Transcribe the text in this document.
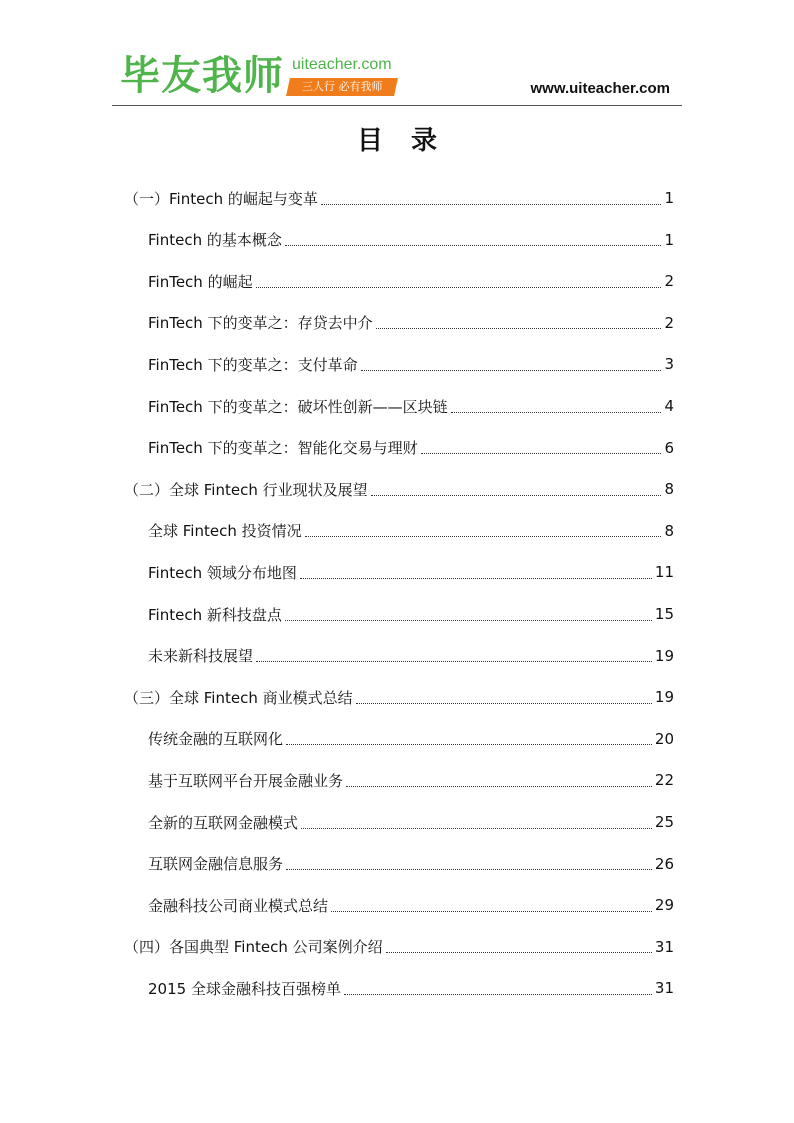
毕友我师 uiteacher.com
三人行 必有我师	www.uiteacher.com
目录
（一）Fintech 的崛起与变革	1
Fintech 的基本概念	1
FinTech 的崛起	2
FinTech 下的变革之：存贷去中介	2
FinTech 下的变革之：支付革命	3
FinTech 下的变革之：破坏性创新——区块链	4
FinTech 下的变革之：智能化交易与理财	6
（二）全球 Fintech 行业现状及展望	8
全球 Fintech 投资情况	8
Fintech 领域分布地图	11
Fintech 新科技盘点	15
未来新科技展望	19
（三）全球 Fintech 商业模式总结	19
传统金融的互联网化	20
基于互联网平台开展金融业务	22
全新的互联网金融模式	25
互联网金融信息服务	26
金融科技公司商业模式总结	29
（四）各国典型 Fintech 公司案例介绍	31
2015 全球金融科技百强榜单	31
